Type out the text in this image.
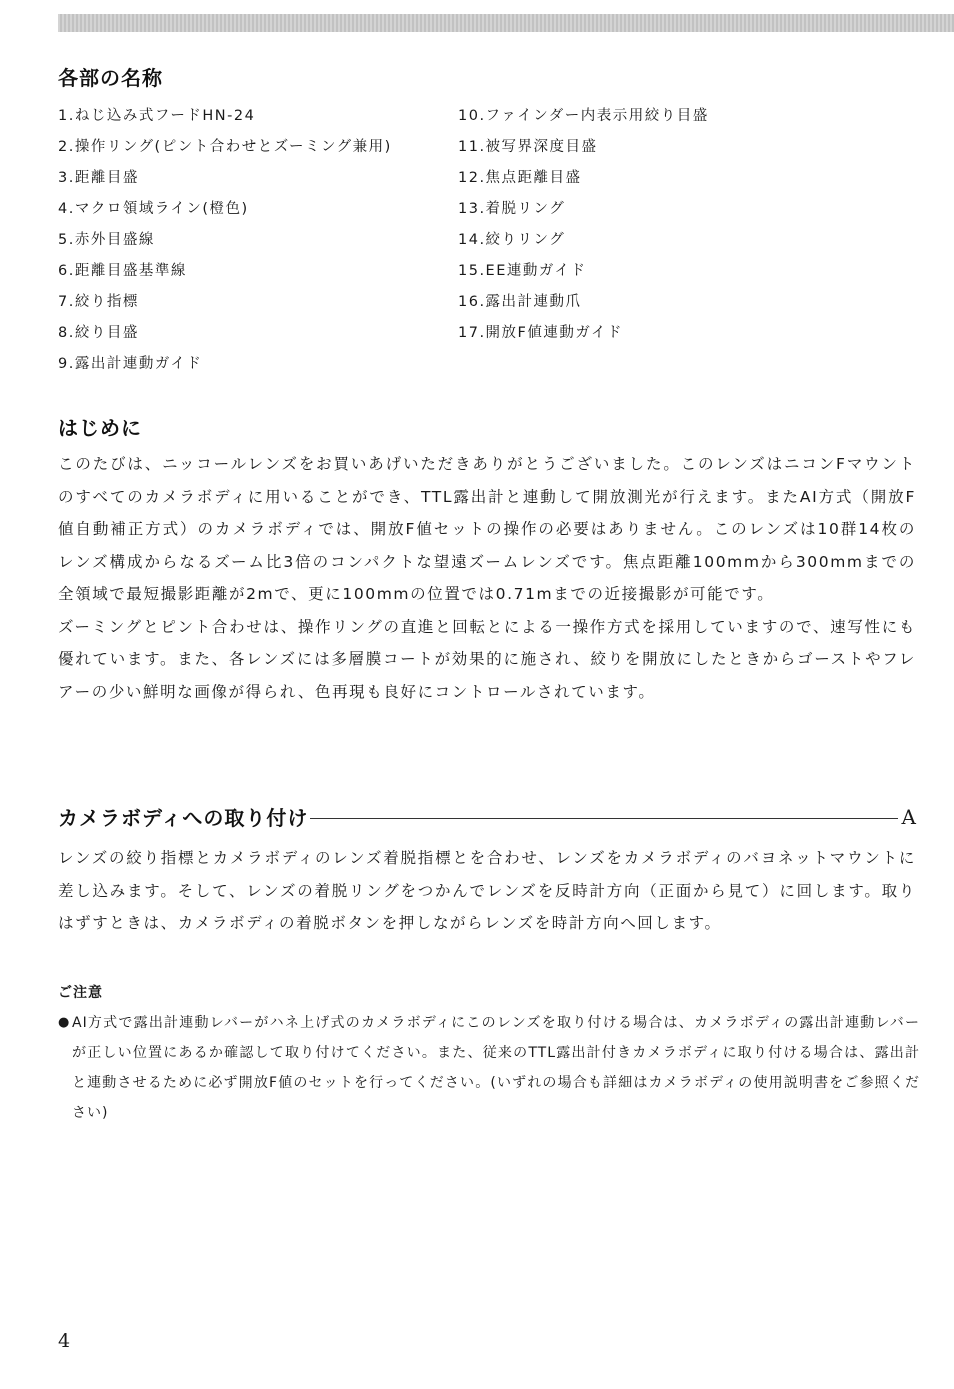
各部の名称
1.ねじ込み式フードHN-24
2.操作リング(ピント合わせとズーミング兼用)
3.距離目盛
4.マクロ領域ライン(橙色)
5.赤外目盛線
6.距離目盛基準線
7.絞り指標
8.絞り目盛
9.露出計連動ガイド
10.ファインダー内表示用絞り目盛
11.被写界深度目盛
12.焦点距離目盛
13.着脱リング
14.絞りリング
15.EE連動ガイド
16.露出計連動爪
17.開放F値連動ガイド
はじめに

このたびは、ニッコールレンズをお買いあげいただきありがとうございました。このレンズはニコンFマウントのすべてのカメラボディに用いることができ、TTL露出計と連動して開放測光が行えます。またAI方式（開放F値自動補正方式）のカメラボディでは、開放F値セットの操作の必要はありません。このレンズは10群14枚のレンズ構成からなるズーム比3倍のコンパクトな望遠ズームレンズです。焦点距離100mmから300mmまでの全領域で最短撮影距離が2mで、更に100mmの位置では0.71mまでの近接撮影が可能です。

ズーミングとピント合わせは、操作リングの直進と回転とによる一操作方式を採用していますので、速写性にも優れています。また、各レンズには多層膜コートが効果的に施され、絞りを開放にしたときからゴーストやフレアーの少い鮮明な画像が得られ、色再現も良好にコントロールされています。

カメラボディへの取り付け	A

レンズの絞り指標とカメラボディのレンズ着脱指標とを合わせ、レンズをカメラボディのバヨネットマウントに差し込みます。そして、レンズの着脱リングをつかんでレンズを反時計方向（正面から見て）に回します。取りはずすときは、カメラボディの着脱ボタンを押しながらレンズを時計方向へ回します。

ご注意
● AI方式で露出計連動レバーがハネ上げ式のカメラボディにこのレンズを取り付ける場合は、カメラボディの露出計連動レバーが正しい位置にあるか確認して取り付けてください。また、従来のTTL露出計付きカメラボディに取り付ける場合は、露出計と連動させるために必ず開放F値のセットを行ってください。(いずれの場合も詳細はカメラボディの使用説明書をご参照ください)
4
